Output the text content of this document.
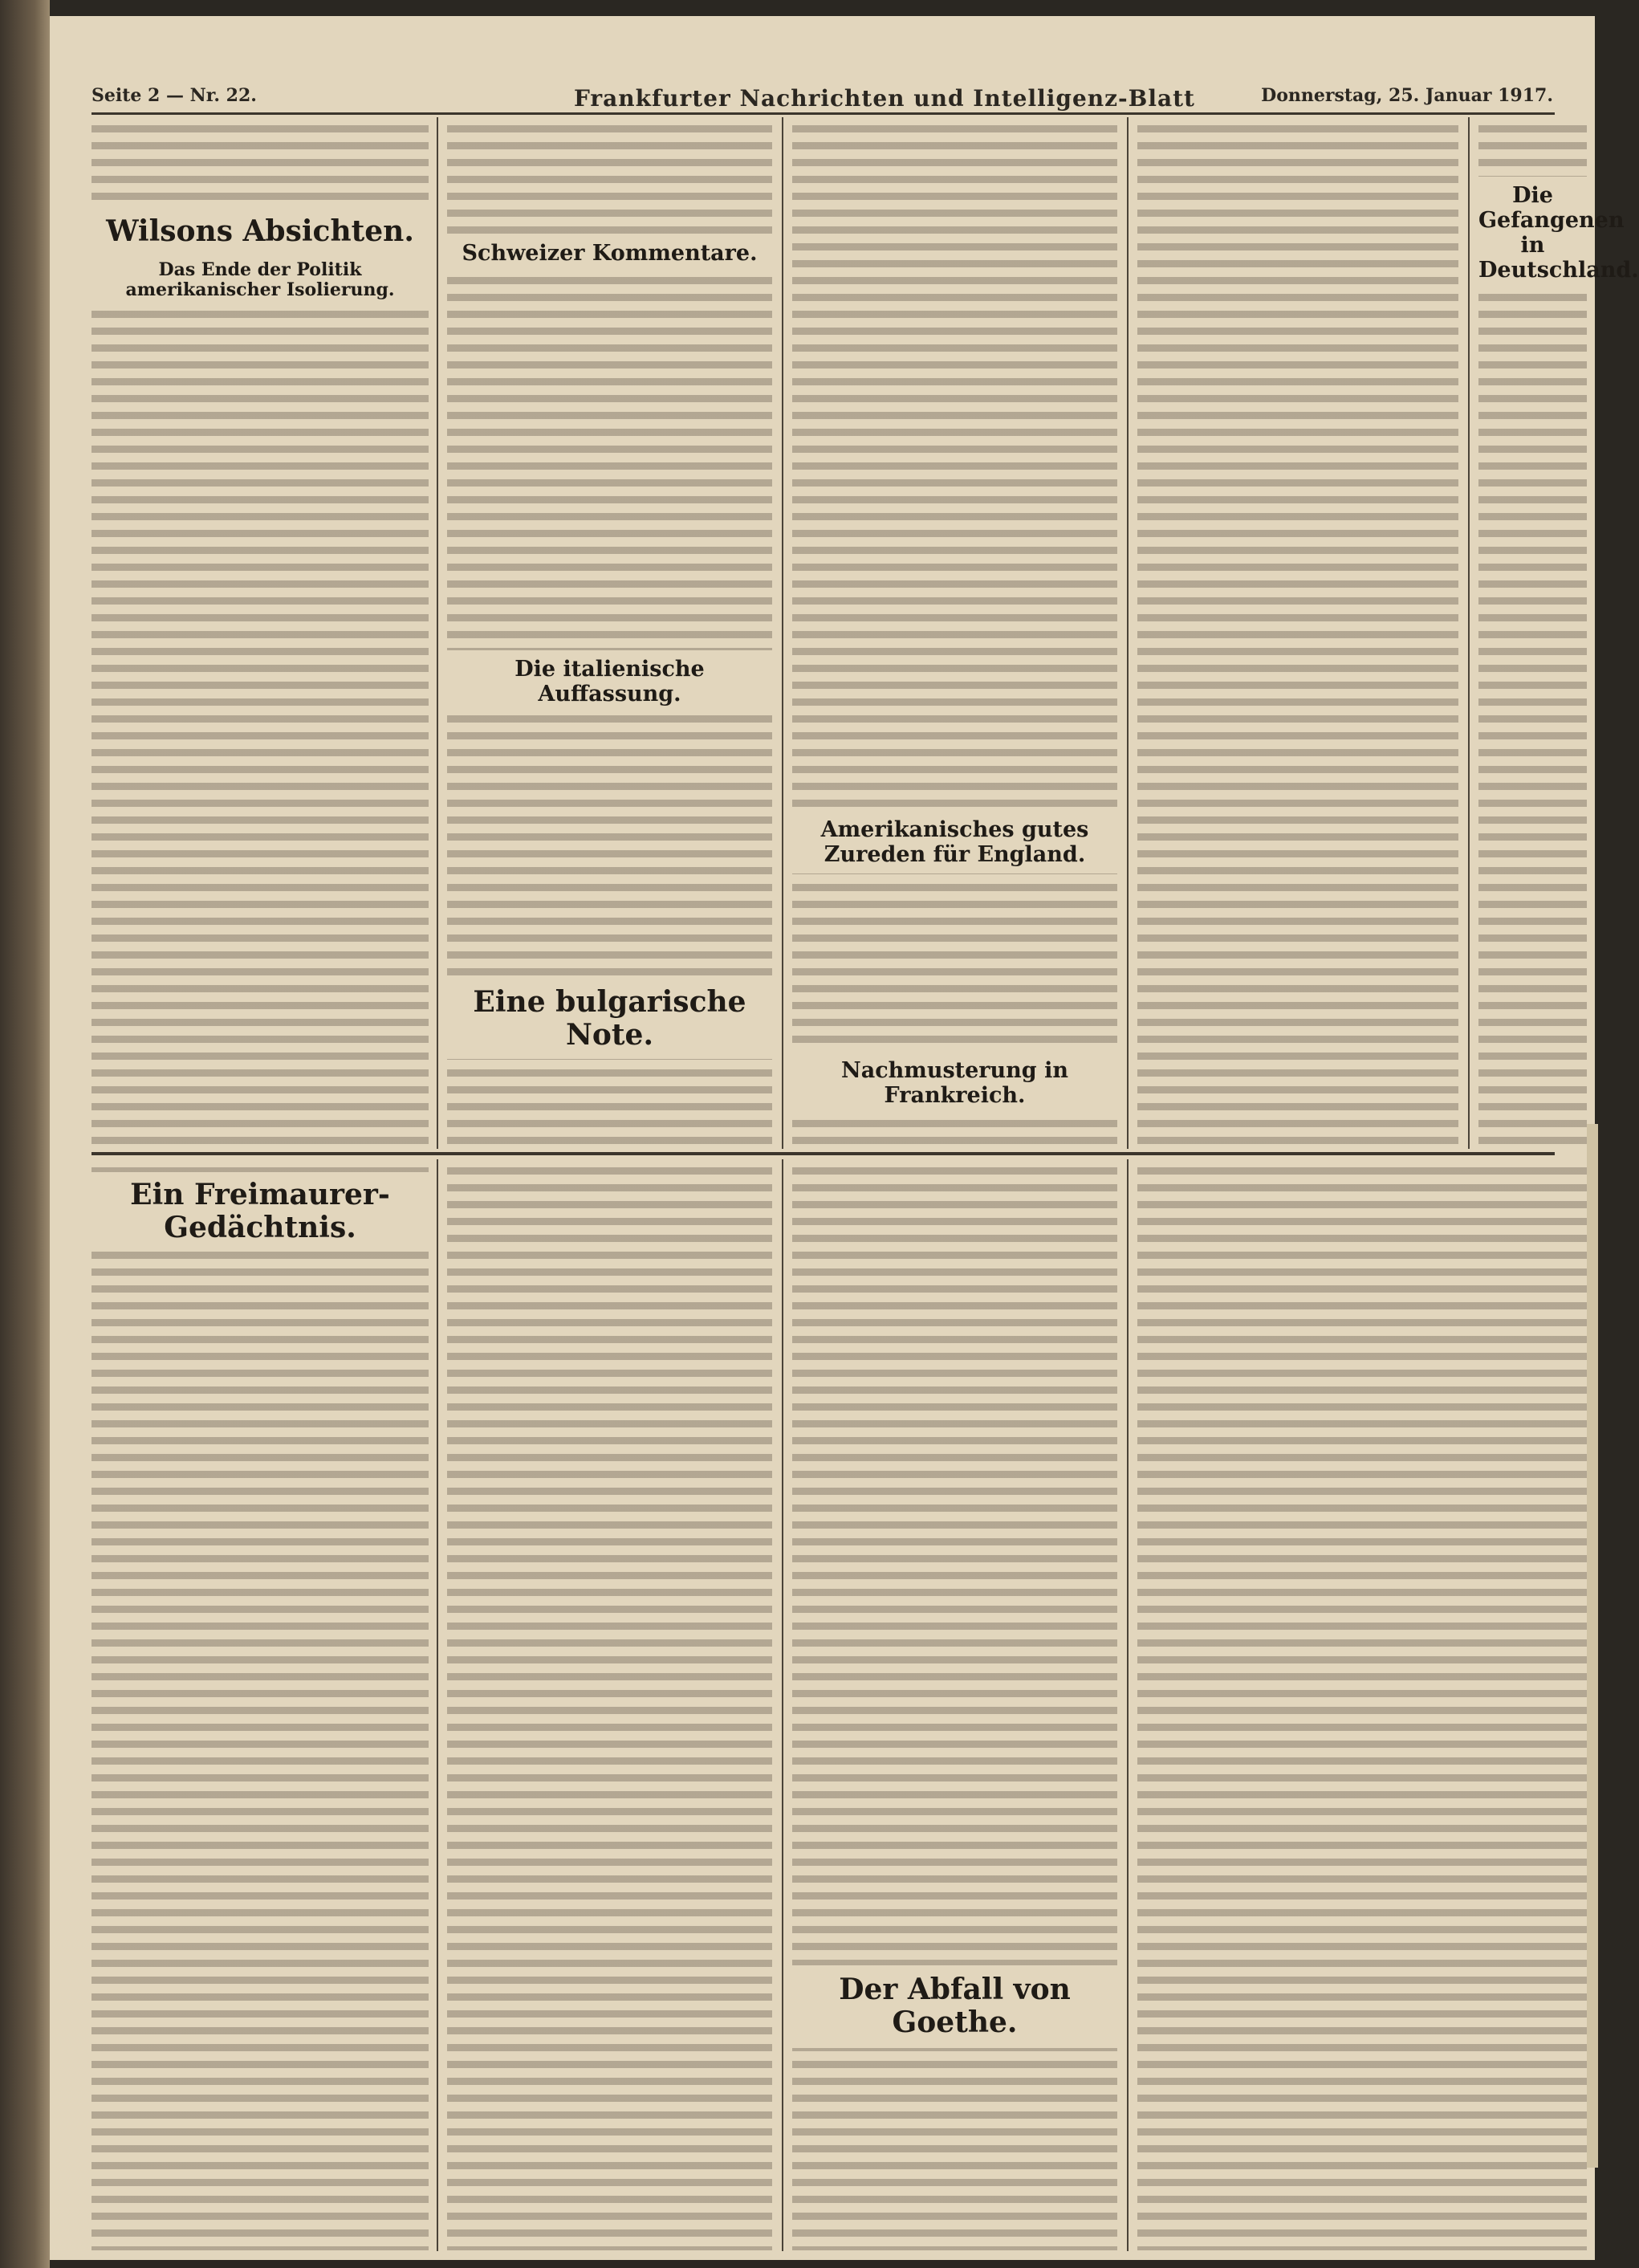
Seite 2 — Nr. 22.	Frankfurter Nachrichten und Intelligenz-Blatt	Donnerstag, 25. Januar 1917.
Wilsons Absichten.
Das Ende der Politik amerikanischer Isolierung.
Schweizer Kommentare.
Die italienische Auffassung.
Eine bulgarische Note.
Amerikanisches gutes Zureden für England.
Nachmusterung in Frankreich.
Die Gefangenen in Deutschland.
Ein Freimaurer-Gedächtnis.
Der Abfall von Goethe.
